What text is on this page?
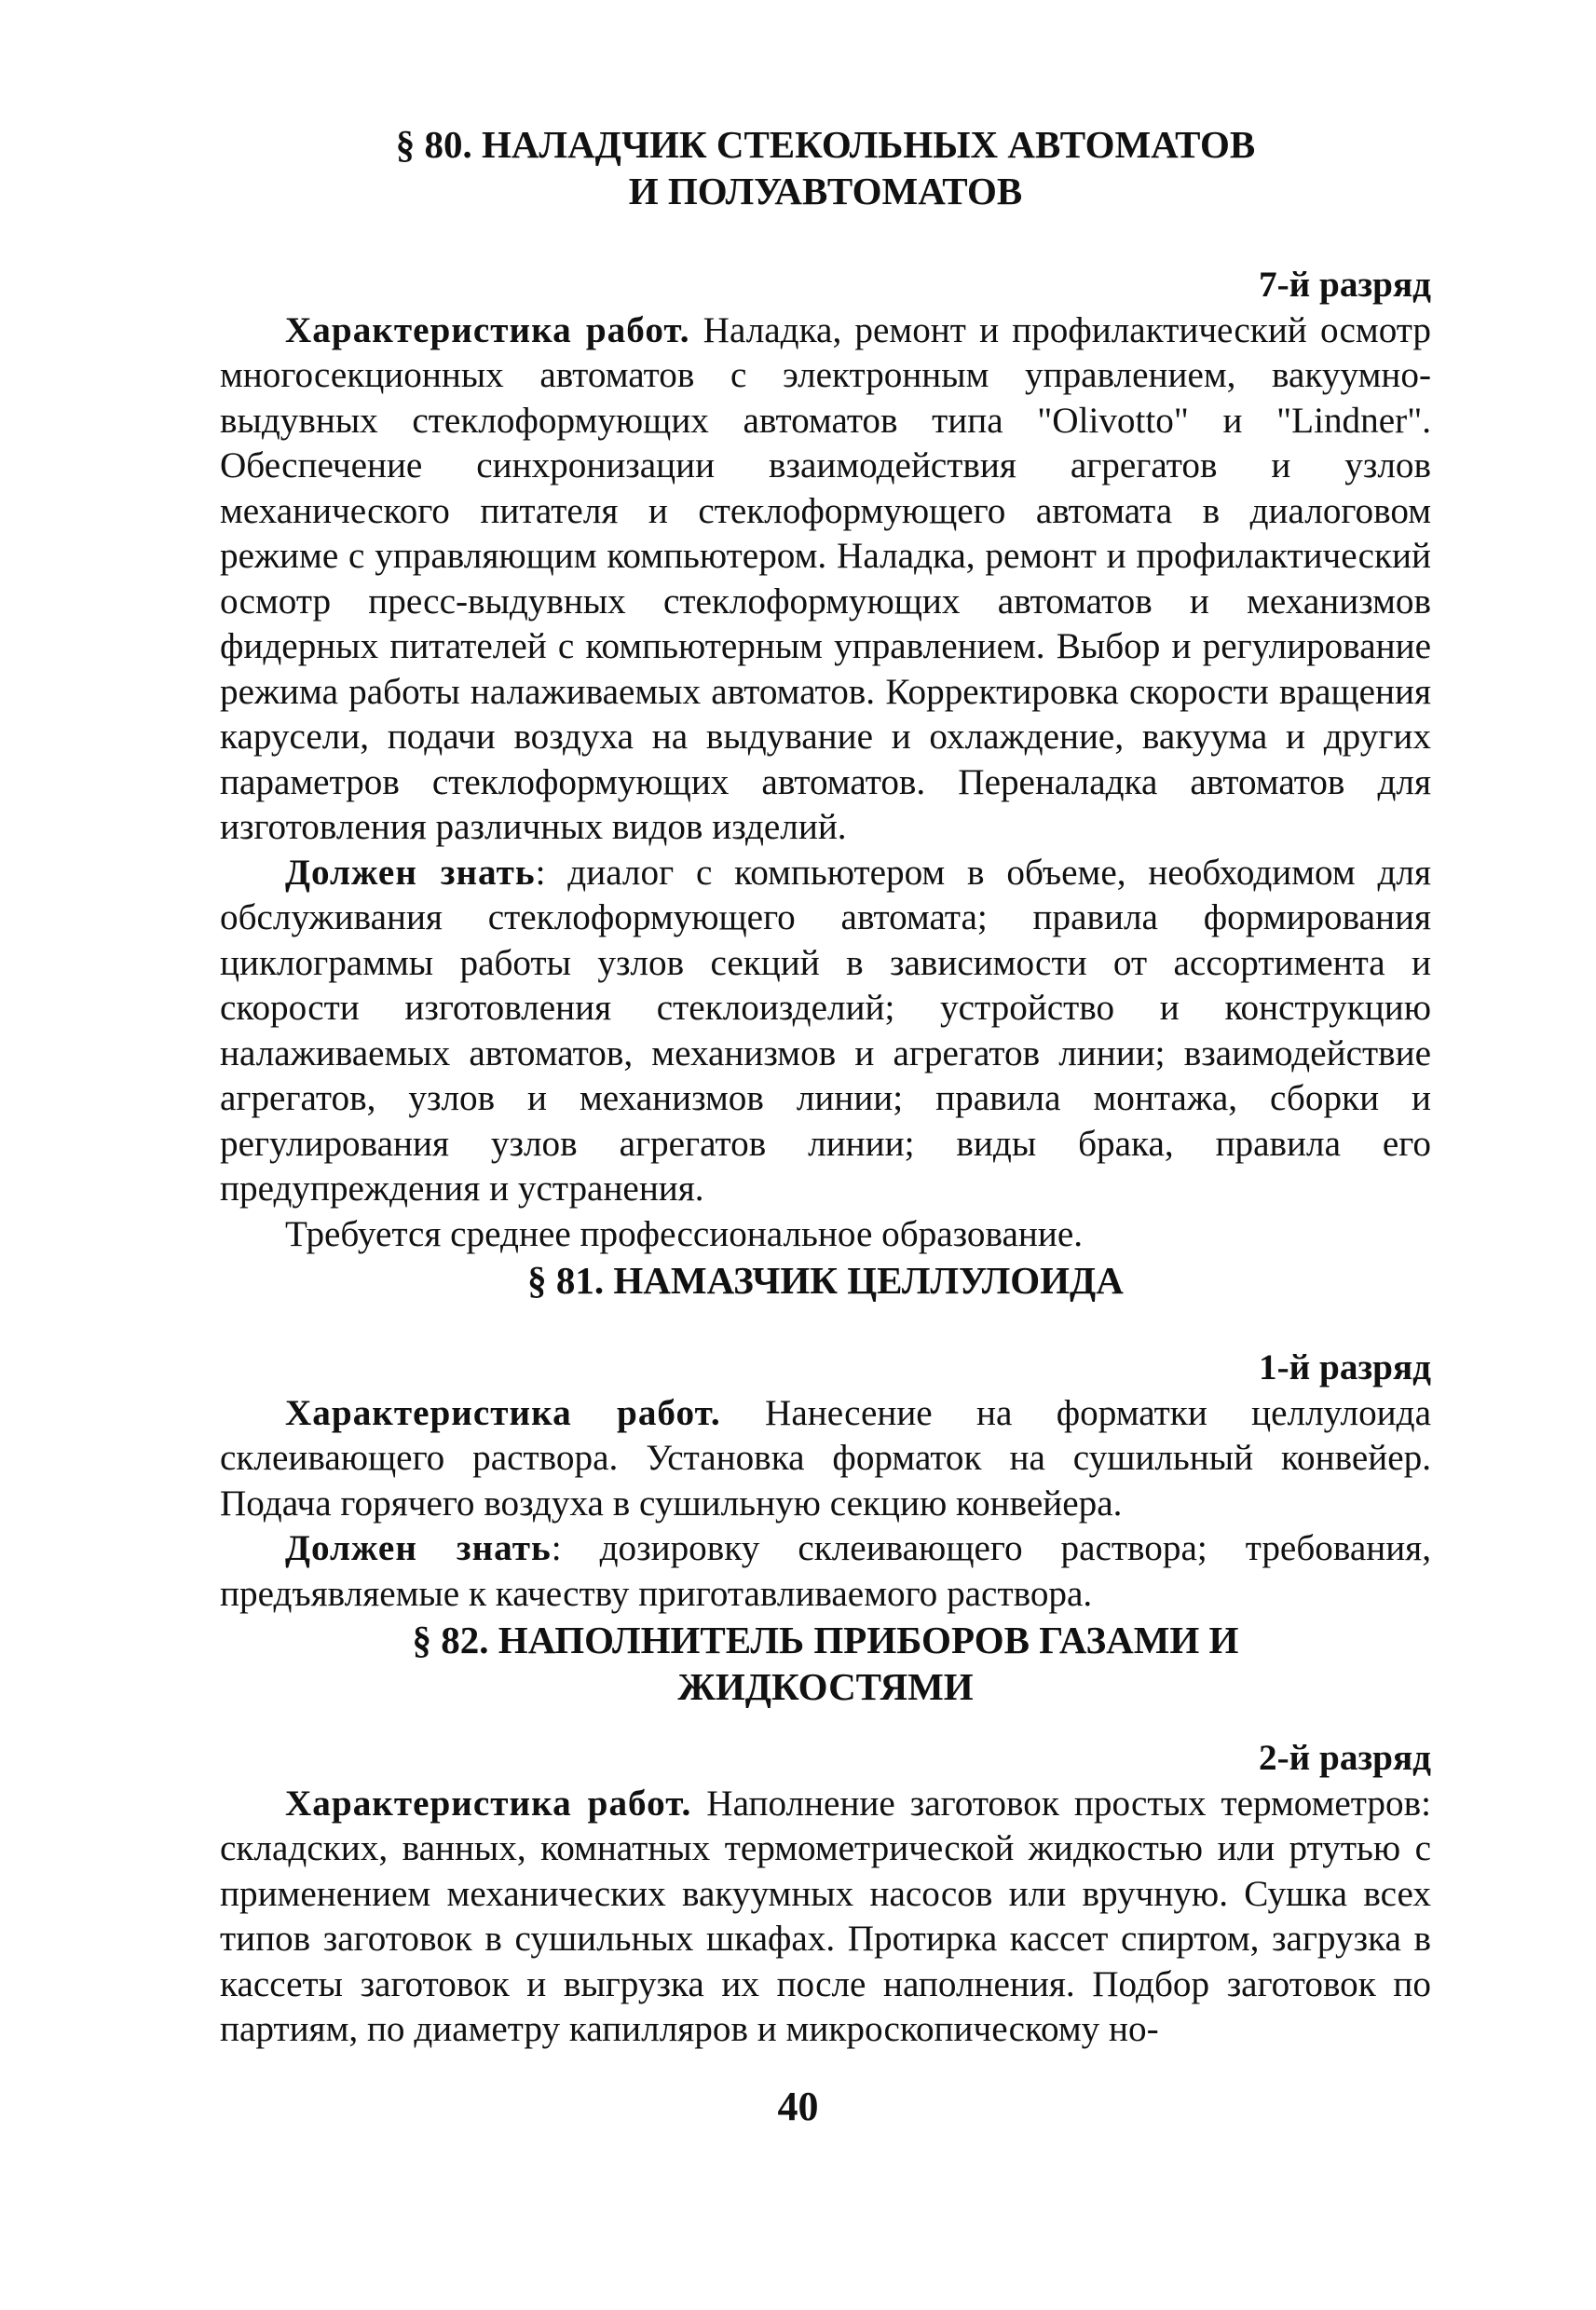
§ 80. НАЛАДЧИК СТЕКОЛЬНЫХ АВТОМАТОВ
И ПОЛУАВТОМАТОВ
7-й разряд

Характеристика работ. Наладка, ремонт и профилактический осмотр многосекционных автоматов с электронным управлением, вакуумно-выдувных стеклоформующих автоматов типа "Olivotto" и "Lindner". Обеспечение синхронизации взаимодействия агрегатов и узлов механического питателя и стеклоформующего автомата в диалоговом режиме с управляющим компьютером. Наладка, ремонт и профилактический осмотр пресс-выдувных стеклоформующих автоматов и механизмов фидерных питателей с компьютерным управлением. Выбор и регулирование режима работы налаживаемых автоматов. Корректировка скорости вращения карусели, подачи воздуха на выдувание и охлаждение, вакуума и других параметров стеклоформующих автоматов. Переналадка автоматов для изготовления различных видов изделий.

Должен знать: диалог с компьютером в объеме, необходимом для обслуживания стеклоформующего автомата; правила формирования циклограммы работы узлов секций в зависимости от ассортимента и скорости изготовления стеклоизделий; устройство и конструкцию налаживаемых автоматов, механизмов и агрегатов линии; взаимодействие агрегатов, узлов и механизмов линии; правила монтажа, сборки и регулирования узлов агрегатов линии; виды брака, правила его предупреждения и устранения.

Требуется среднее профессиональное образование.

§ 81. НАМАЗЧИК ЦЕЛЛУЛОИДА
1-й разряд

Характеристика работ. Нанесение на форматки целлулоида склеивающего раствора. Установка форматок на сушильный конвейер. Подача горячего воздуха в сушильную секцию конвейера.

Должен знать: дозировку склеивающего раствора; требования, предъявляемые к качеству приготавливаемого раствора.

§ 82. НАПОЛНИТЕЛЬ ПРИБОРОВ ГАЗАМИ И
ЖИДКОСТЯМИ
2-й разряд

Характеристика работ. Наполнение заготовок простых термометров: складских, ванных, комнатных термометрической жидкостью или ртутью с применением механических вакуумных насосов или вручную. Сушка всех типов заготовок в сушильных шкафах. Протирка кассет спиртом, загрузка в кассеты заготовок и выгрузка их после наполнения. Подбор заготовок по партиям, по диаметру капилляров и микроскопическому но-

40
